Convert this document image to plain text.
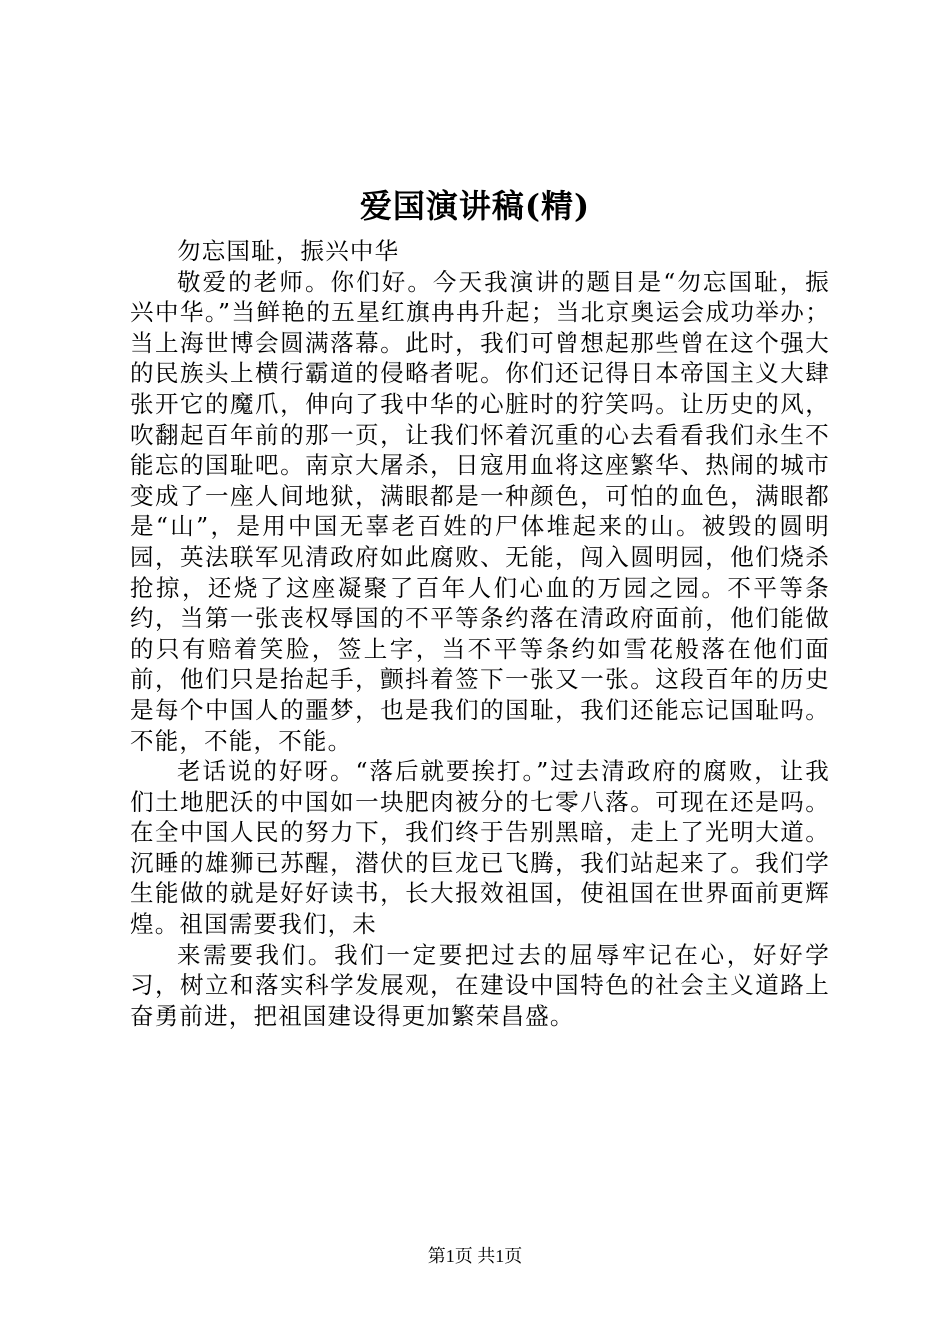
爱国演讲稿(精)

勿忘国耻，振兴中华

敬爱的老师。你们好。今天我演讲的题目是“勿忘国耻，振兴中华。”当鲜艳的五星红旗冉冉升起；当北京奥运会成功举办；当上海世博会圆满落幕。此时，我们可曾想起那些曾在这个强大的民族头上横行霸道的侵略者呢。你们还记得日本帝国主义大肆张开它的魔爪，伸向了我中华的心脏时的狞笑吗。让历史的风，吹翻起百年前的那一页，让我们怀着沉重的心去看看我们永生不能忘的国耻吧。南京大屠杀，日寇用血将这座繁华、热闹的城市变成了一座人间地狱，满眼都是一种颜色，可怕的血色，满眼都是“山”，是用中国无辜老百姓的尸体堆起来的山。被毁的圆明园，英法联军见清政府如此腐败、无能，闯入圆明园，他们烧杀抢掠，还烧了这座凝聚了百年人们心血的万园之园。不平等条约，当第一张丧权辱国的不平等条约落在清政府面前，他们能做的只有赔着笑脸，签上字，当不平等条约如雪花般落在他们面前，他们只是抬起手，颤抖着签下一张又一张。这段百年的历史是每个中国人的噩梦，也是我们的国耻，我们还能忘记国耻吗。不能，不能，不能。

老话说的好呀。“落后就要挨打。”过去清政府的腐败，让我们土地肥沃的中国如一块肥肉被分的七零八落。可现在还是吗。在全中国人民的努力下，我们终于告别黑暗，走上了光明大道。沉睡的雄狮已苏醒，潜伏的巨龙已飞腾，我们站起来了。我们学生能做的就是好好读书，长大报效祖国，使祖国在世界面前更辉煌。祖国需要我们，未

来需要我们。我们一定要把过去的屈辱牢记在心，好好学习，树立和落实科学发展观，在建设中国特色的社会主义道路上奋勇前进，把祖国建设得更加繁荣昌盛。

第1页 共1页
